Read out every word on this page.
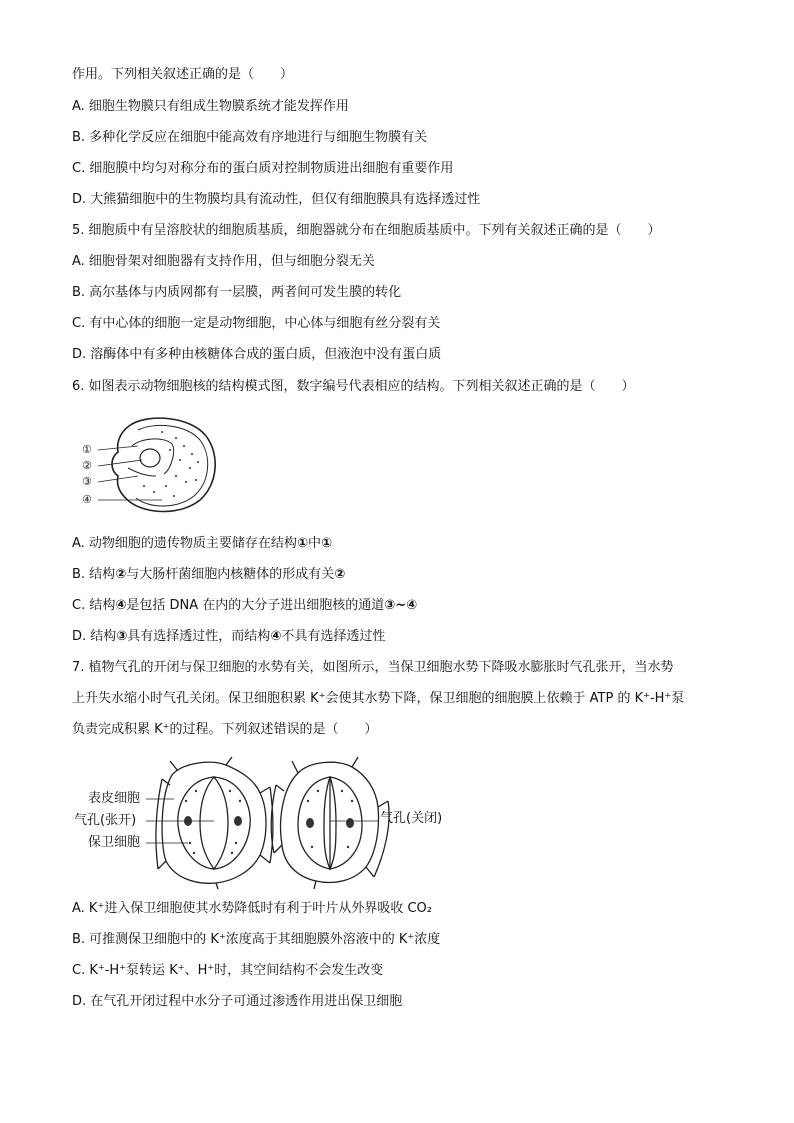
作用。下列相关叙述正确的是（　　）
A. 细胞生物膜只有组成生物膜系统才能发挥作用
B. 多种化学反应在细胞中能高效有序地进行与细胞生物膜有关
C. 细胞膜中均匀对称分布的蛋白质对控制物质进出细胞有重要作用
D. 大熊猫细胞中的生物膜均具有流动性，但仅有细胞膜具有选择透过性
5. 细胞质中有呈溶胶状的细胞质基质，细胞器就分布在细胞质基质中。下列有关叙述正确的是（　　）
A. 细胞骨架对细胞器有支持作用，但与细胞分裂无关
B. 高尔基体与内质网都有一层膜，两者间可发生膜的转化
C. 有中心体的细胞一定是动物细胞，中心体与细胞有丝分裂有关
D. 溶酶体中有多种由核糖体合成的蛋白质，但液泡中没有蛋白质
6. 如图表示动物细胞核的结构模式图，数字编号代表相应的结构。下列相关叙述正确的是（　　）
①
②
③
④
A. 动物细胞的遗传物质主要储存在结构①中①
B. 结构②与大肠杆菌细胞内核糖体的形成有关②
C. 结构④是包括 DNA 在内的大分子进出细胞核的通道③~④
D. 结构③具有选择透过性，而结构④不具有选择透过性
7. 植物气孔的开闭与保卫细胞的水势有关，如图所示，当保卫细胞水势下降吸水膨胀时气孔张开，当水势
上升失水缩小时气孔关闭。保卫细胞积累 K⁺会使其水势下降，保卫细胞的细胞膜上依赖于 ATP 的 K⁺-H⁺泵
负责完成积累 K⁺的过程。下列叙述错误的是（　　）
表皮细胞
气孔(张开)
保卫细胞
气孔(关闭)
A. K⁺进入保卫细胞使其水势降低时有利于叶片从外界吸收 CO₂
B. 可推测保卫细胞中的 K⁺浓度高于其细胞膜外溶液中的 K⁺浓度
C. K⁺-H⁺泵转运 K⁺、H⁺时，其空间结构不会发生改变
D. 在气孔开闭过程中水分子可通过渗透作用进出保卫细胞
